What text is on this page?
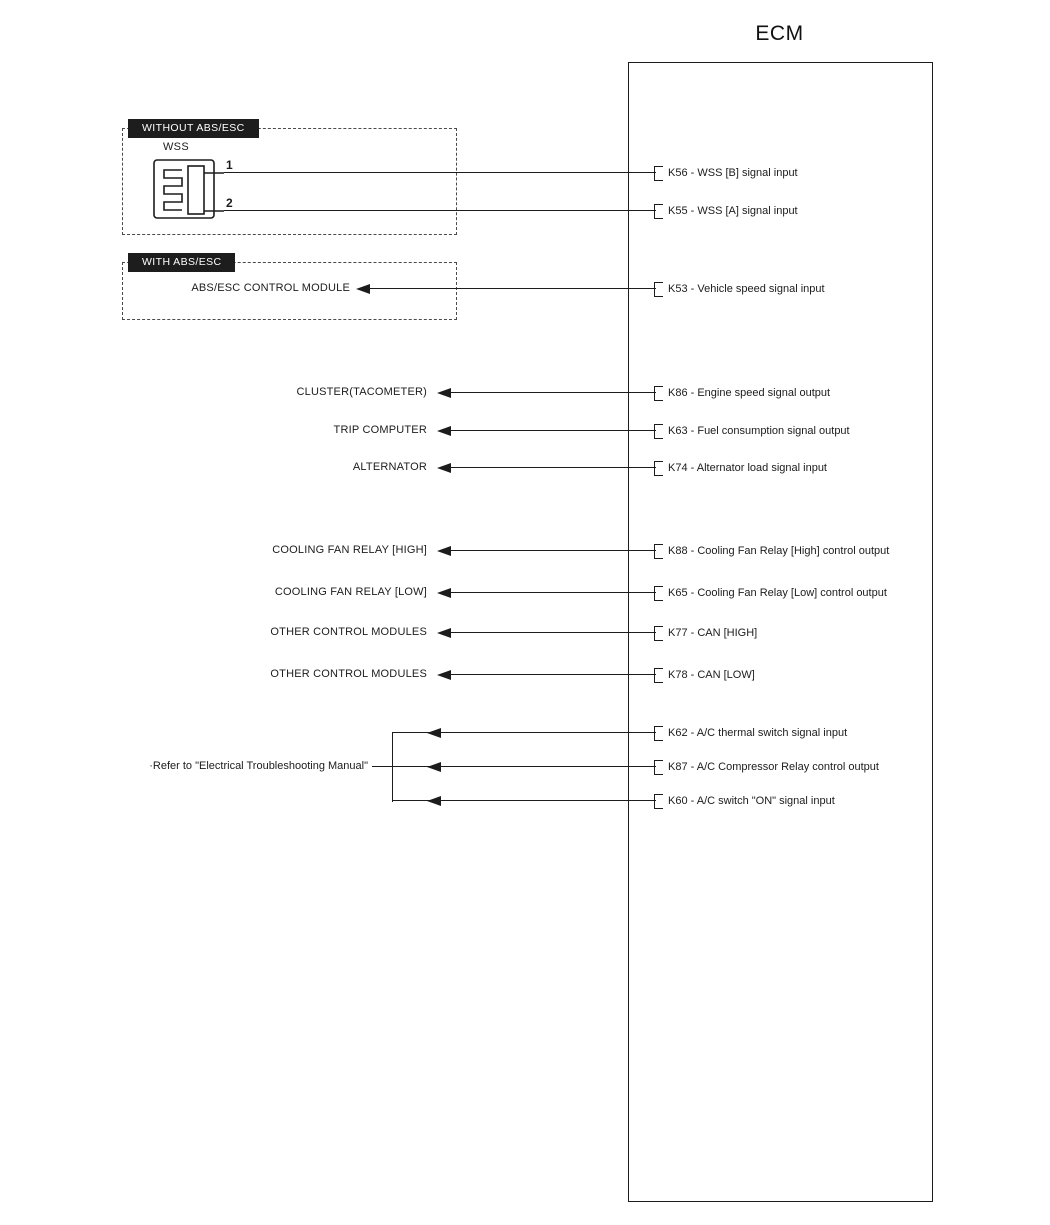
ECM
WITHOUT ABS/ESC
WSS
1
2
WITH ABS/ESC
ABS/ESC CONTROL MODULE
CLUSTER(TACOMETER)
TRIP COMPUTER
ALTERNATOR
COOLING FAN RELAY [HIGH]
COOLING FAN RELAY [LOW]
OTHER CONTROL MODULES
OTHER CONTROL MODULES
·Refer to "Electrical Troubleshooting Manual"
K56 - WSS [B] signal input
K55 - WSS [A] signal input
K53 - Vehicle speed signal input
K86 - Engine speed signal output
K63 - Fuel consumption signal output
K74 - Alternator load signal input
K88 - Cooling Fan Relay [High] control output
K65 - Cooling Fan Relay [Low] control output
K77 - CAN [HIGH]
K78 - CAN [LOW]
K62 - A/C thermal switch signal input
K87 - A/C Compressor Relay control output
K60 - A/C switch "ON" signal input
